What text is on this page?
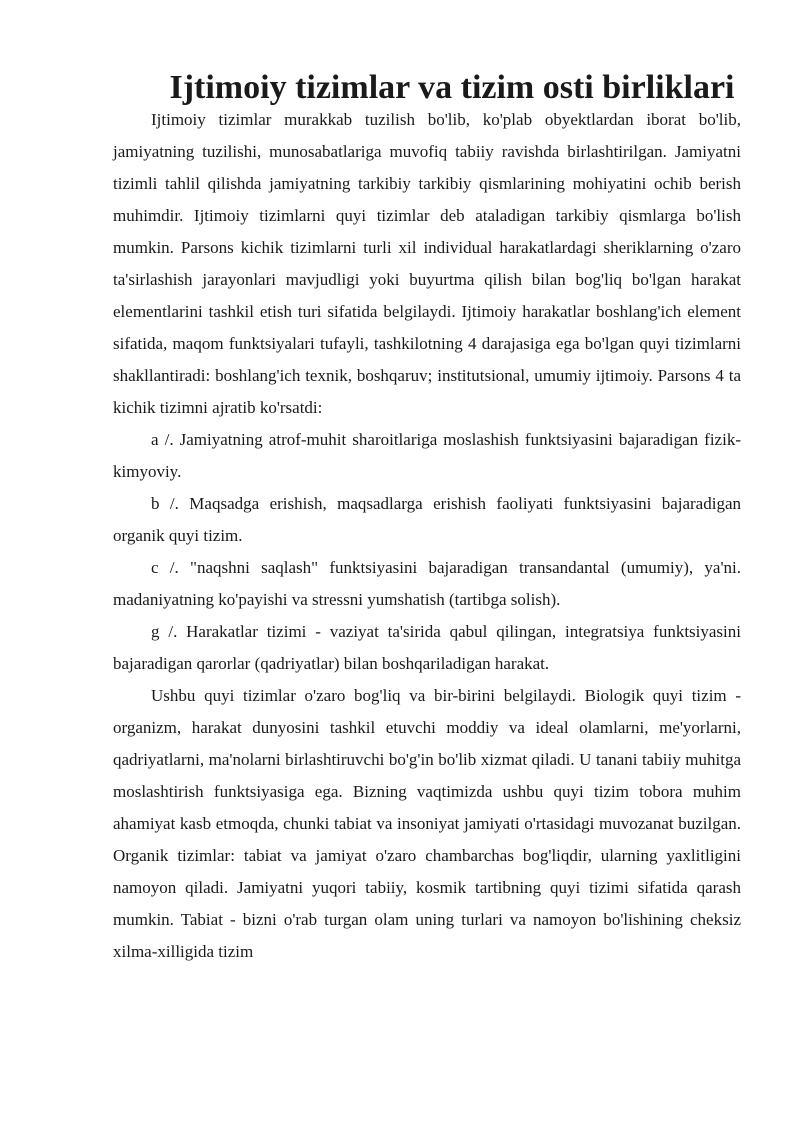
Ijtimoiy tizimlar va tizim osti birliklari

Ijtimoiy tizimlar murakkab tuzilish bo'lib, ko'plab obyektlardan iborat bo'lib, jamiyatning tuzilishi, munosabatlariga muvofiq tabiiy ravishda birlashtirilgan. Jamiyatni tizimli tahlil qilishda jamiyatning tarkibiy tarkibiy qismlarining mohiyatini ochib berish muhimdir. Ijtimoiy tizimlarni quyi tizimlar deb ataladigan tarkibiy qismlarga bo'lish mumkin. Parsons kichik tizimlarni turli xil individual harakatlardagi sheriklarning o'zaro ta'sirlashish jarayonlari mavjudligi yoki buyurtma qilish bilan bog'liq bo'lgan harakat elementlarini tashkil etish turi sifatida belgilaydi. Ijtimoiy harakatlar boshlang'ich element sifatida, maqom funktsiyalari tufayli, tashkilotning 4 darajasiga ega bo'lgan quyi tizimlarni shakllantiradi: boshlang'ich texnik, boshqaruv; institutsional, umumiy ijtimoiy. Parsons 4 ta kichik tizimni ajratib ko'rsatdi:

a /. Jamiyatning atrof-muhit sharoitlariga moslashish funktsiyasini bajaradigan fizik-kimyoviy.

b /. Maqsadga erishish, maqsadlarga erishish faoliyati funktsiyasini bajaradigan organik quyi tizim.

c /. "naqshni saqlash" funktsiyasini bajaradigan transandantal (umumiy), ya'ni. madaniyatning ko'payishi va stressni yumshatish (tartibga solish).

g /. Harakatlar tizimi - vaziyat ta'sirida qabul qilingan, integratsiya funktsiyasini bajaradigan qarorlar (qadriyatlar) bilan boshqariladigan harakat.

Ushbu quyi tizimlar o'zaro bog'liq va bir-birini belgilaydi. Biologik quyi tizim -organizm, harakat dunyosini tashkil etuvchi moddiy va ideal olamlarni, me'yorlarni, qadriyatlarni, ma'nolarni birlashtiruvchi bo'g'in bo'lib xizmat qiladi. U tanani tabiiy muhitga moslashtirish funktsiyasiga ega. Bizning vaqtimizda ushbu quyi tizim tobora muhim ahamiyat kasb etmoqda, chunki tabiat va insoniyat jamiyati o'rtasidagi muvozanat buzilgan. Organik tizimlar: tabiat va jamiyat o'zaro chambarchas bog'liqdir, ularning yaxlitligini namoyon qiladi. Jamiyatni yuqori tabiiy, kosmik tartibning quyi tizimi sifatida qarash mumkin. Tabiat - bizni o'rab turgan olam uning turlari va namoyon bo'lishining cheksiz xilma-xilligida tizim
